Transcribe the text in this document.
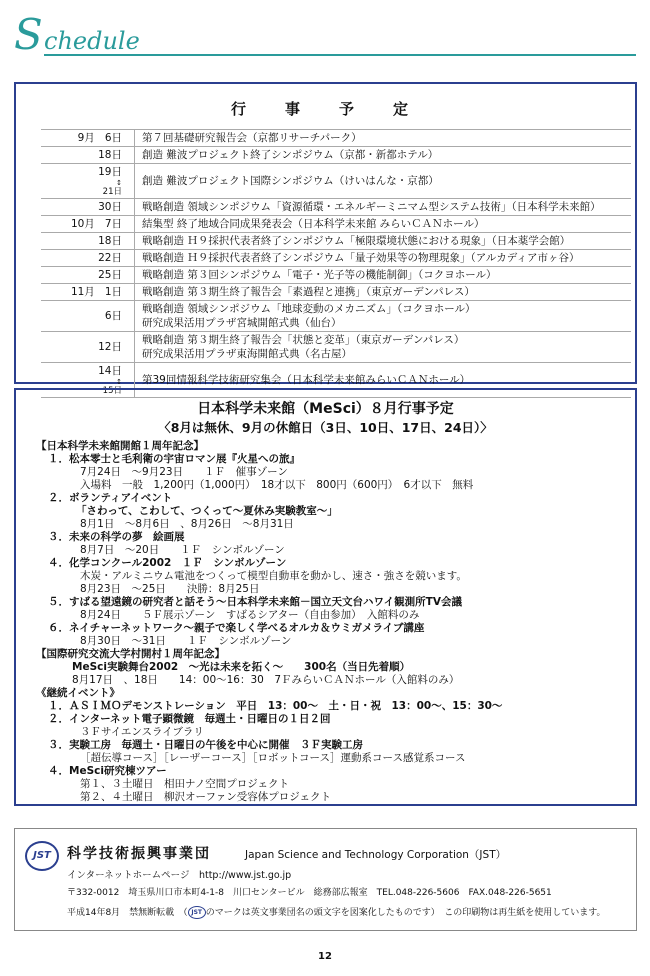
S chedule
行　事　予　定
9月 6日	第７回基礎研究報告会（京都リサーチパーク）

18日	創造 難波プロジェクト終了シンポジウム（京都・新都ホテル）

19日
↕
21日	創造 難波プロジェクト国際シンポジウム（けいはんな・京都）

30日	戦略創造 領域シンポジウム「資源循環・エネルギーミニマム型システム技術」（日本科学未来館）

10月 7日	結集型 終了地域合同成果発表会（日本科学未来館 みらいＣＡＮホール）

18日	戦略創造 Ｈ９採択代表者終了シンポジウム「極限環境状態における現象」（日本薬学会館）

22日	戦略創造 Ｈ９採択代表者終了シンポジウム「量子効果等の物理現象」（アルカディア市ヶ谷）

25日	戦略創造 第３回シンポジウム「電子・光子等の機能制御」（コクヨホール）

11月 1日	戦略創造 第３期生終了報告会「素過程と連携」（東京ガーデンパレス）

6日	戦略創造 領域シンポジウム「地球変動のメカニズム」（コクヨホール）
研究成果活用プラザ宮城開館式典（仙台）

12日	戦略創造 第３期生終了報告会「状態と変革」（東京ガーデンパレス）
研究成果活用プラザ東海開館式典（名古屋）

14日
↕
15日	第39回情報科学技術研究集会（日本科学未来館みらいＣＡＮホール）
日本科学未来館（MeSci）８月行事予定
〈8月は無休、9月の休館日（3日、10日、17日、24日）〉
【日本科学未来館開館１周年記念】
１．松本零士と毛利衛の宇宙ロマン展『火星への旅』
7月24日　～9月23日　　１Ｆ　催事ゾーン
入場料　一般　1,200円（1,000円）　18才以下　800円（600円）　6才以下　無料
２．ボランティアイベント
「さわって、こわして、つくって～夏休み実験教室～」
8月1日　～8月6日　、8月26日　～8月31日
３．未来の科学の夢　絵画展
8月7日　～20日　　１Ｆ　シンボルゾーン
４．化学コンクール2002　１Ｆ　シンボルゾーン
木炭・アルミニウム電池をつくって模型自動車を動かし、速さ・強さを競います。
8月23日　～25日　　決勝：8月25日
５．すばる望遠鏡の研究者と話そう～日本科学未来館－国立天文台ハワイ観測所TV会議
8月24日　　５Ｆ展示ゾーン　すばるシアター（自由参加）　入館料のみ
６．ネイチャーネットワーク～親子で楽しく学べるオルカ＆ウミガメライブ講座
8月30日　～31日　　１Ｆ　シンボルゾーン
【国際研究交流大学村開村１周年記念】
MeSci実験舞台2002　～光は未来を拓く～　　300名（当日先着順）
8月17日　、18日　　14：00～16：30　7ＦみらいＣＡＮホール（入館料のみ）
《継続イベント》
１．ＡＳＩＭＯデモンストレーション　平日　13：00～　土・日・祝　13：00～、15：30～
２．インターネット電子顕微鏡　毎週土・日曜日の１日２回
３Ｆサイエンスライブラリ
３．実験工房　毎週土・日曜日の午後を中心に開催　３Ｆ実験工房
［超伝導コース］［レーザーコース］［ロボットコース］運動系コース感覚系コース
４．MeSci研究棟ツアー
第１、３土曜日　相田ナノ空間プロジェクト
第２、４土曜日　柳沢オーファン受容体プロジェクト
JST	科学技術振興事業団	Japan Science and Technology Corporation（JST）
インターネットホームページ　http://www.jst.go.jp
〒332-0012　埼玉県川口市本町4-1-8　川口センタービル　総務部広報室　TEL.048-226-5606　FAX.048-226-5651
平成14年8月　禁無断転載　（ JST のマークは英文事業団名の頭文字を図案化したものです）　この印刷物は再生紙を使用しています。
12
